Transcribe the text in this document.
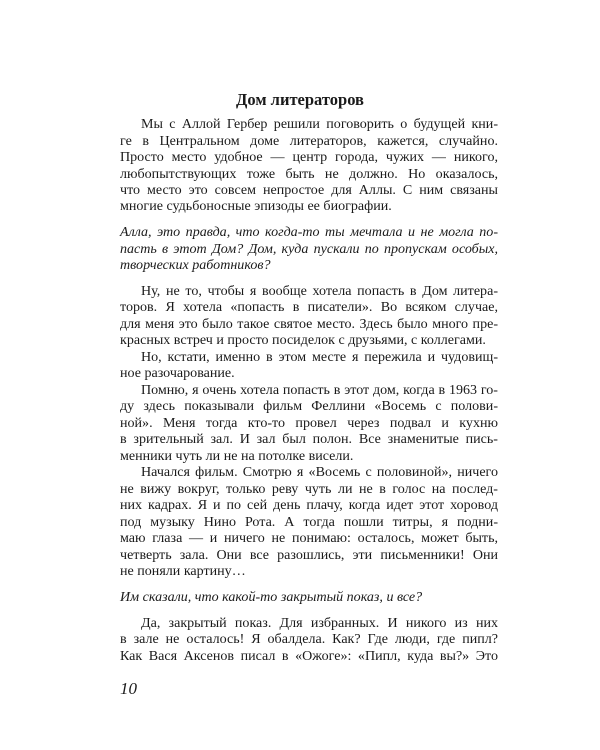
Дом литераторов

Мы с Аллой Гербер решили поговорить о будущей кни-

ге в Центральном доме литераторов, кажется, случайно.

Просто место удобное — центр города, чужих — никого,

любопытствующих тоже быть не должно. Но оказалось,

что место это совсем непростое для Аллы. С ним связаны

многие судьбоносные эпизоды ее биографии.

Алла, это правда, что когда-то ты мечтала и не могла по-

пасть в этот Дом? Дом, куда пускали по пропускам особых,

творческих работников?

Ну, не то, чтобы я вообще хотела попасть в Дом литера-

торов. Я хотела «попасть в писатели». Во всяком случае,

для меня это было такое святое место. Здесь было много пре-

красных встреч и просто посиделок с друзьями, с коллегами.

Но, кстати, именно в этом месте я пережила и чудовищ-

ное разочарование.

Помню, я очень хотела попасть в этот дом, когда в 1963 го-

ду здесь показывали фильм Феллини «Восемь с полови-

ной». Меня тогда кто-то провел через подвал и кухню

в зрительный зал. И зал был полон. Все знаменитые пись-

менники чуть ли не на потолке висели.

Начался фильм. Смотрю я «Восемь с половиной», ничего

не вижу вокруг, только реву чуть ли не в голос на послед-

них кадрах. Я и по сей день плачу, когда идет этот хоровод

под музыку Нино Рота. А тогда пошли титры, я подни-

маю глаза — и ничего не понимаю: осталось, может быть,

четверть зала. Они все разошлись, эти письменники! Они

не поняли картину…

Им сказали, что какой-то закрытый показ, и все?

Да, закрытый показ. Для избранных. И никого из них

в зале не осталось! Я обалдела. Как? Где люди, где пипл?

Как Вася Аксенов писал в «Ожоге»: «Пипл, куда вы?» Это

10
